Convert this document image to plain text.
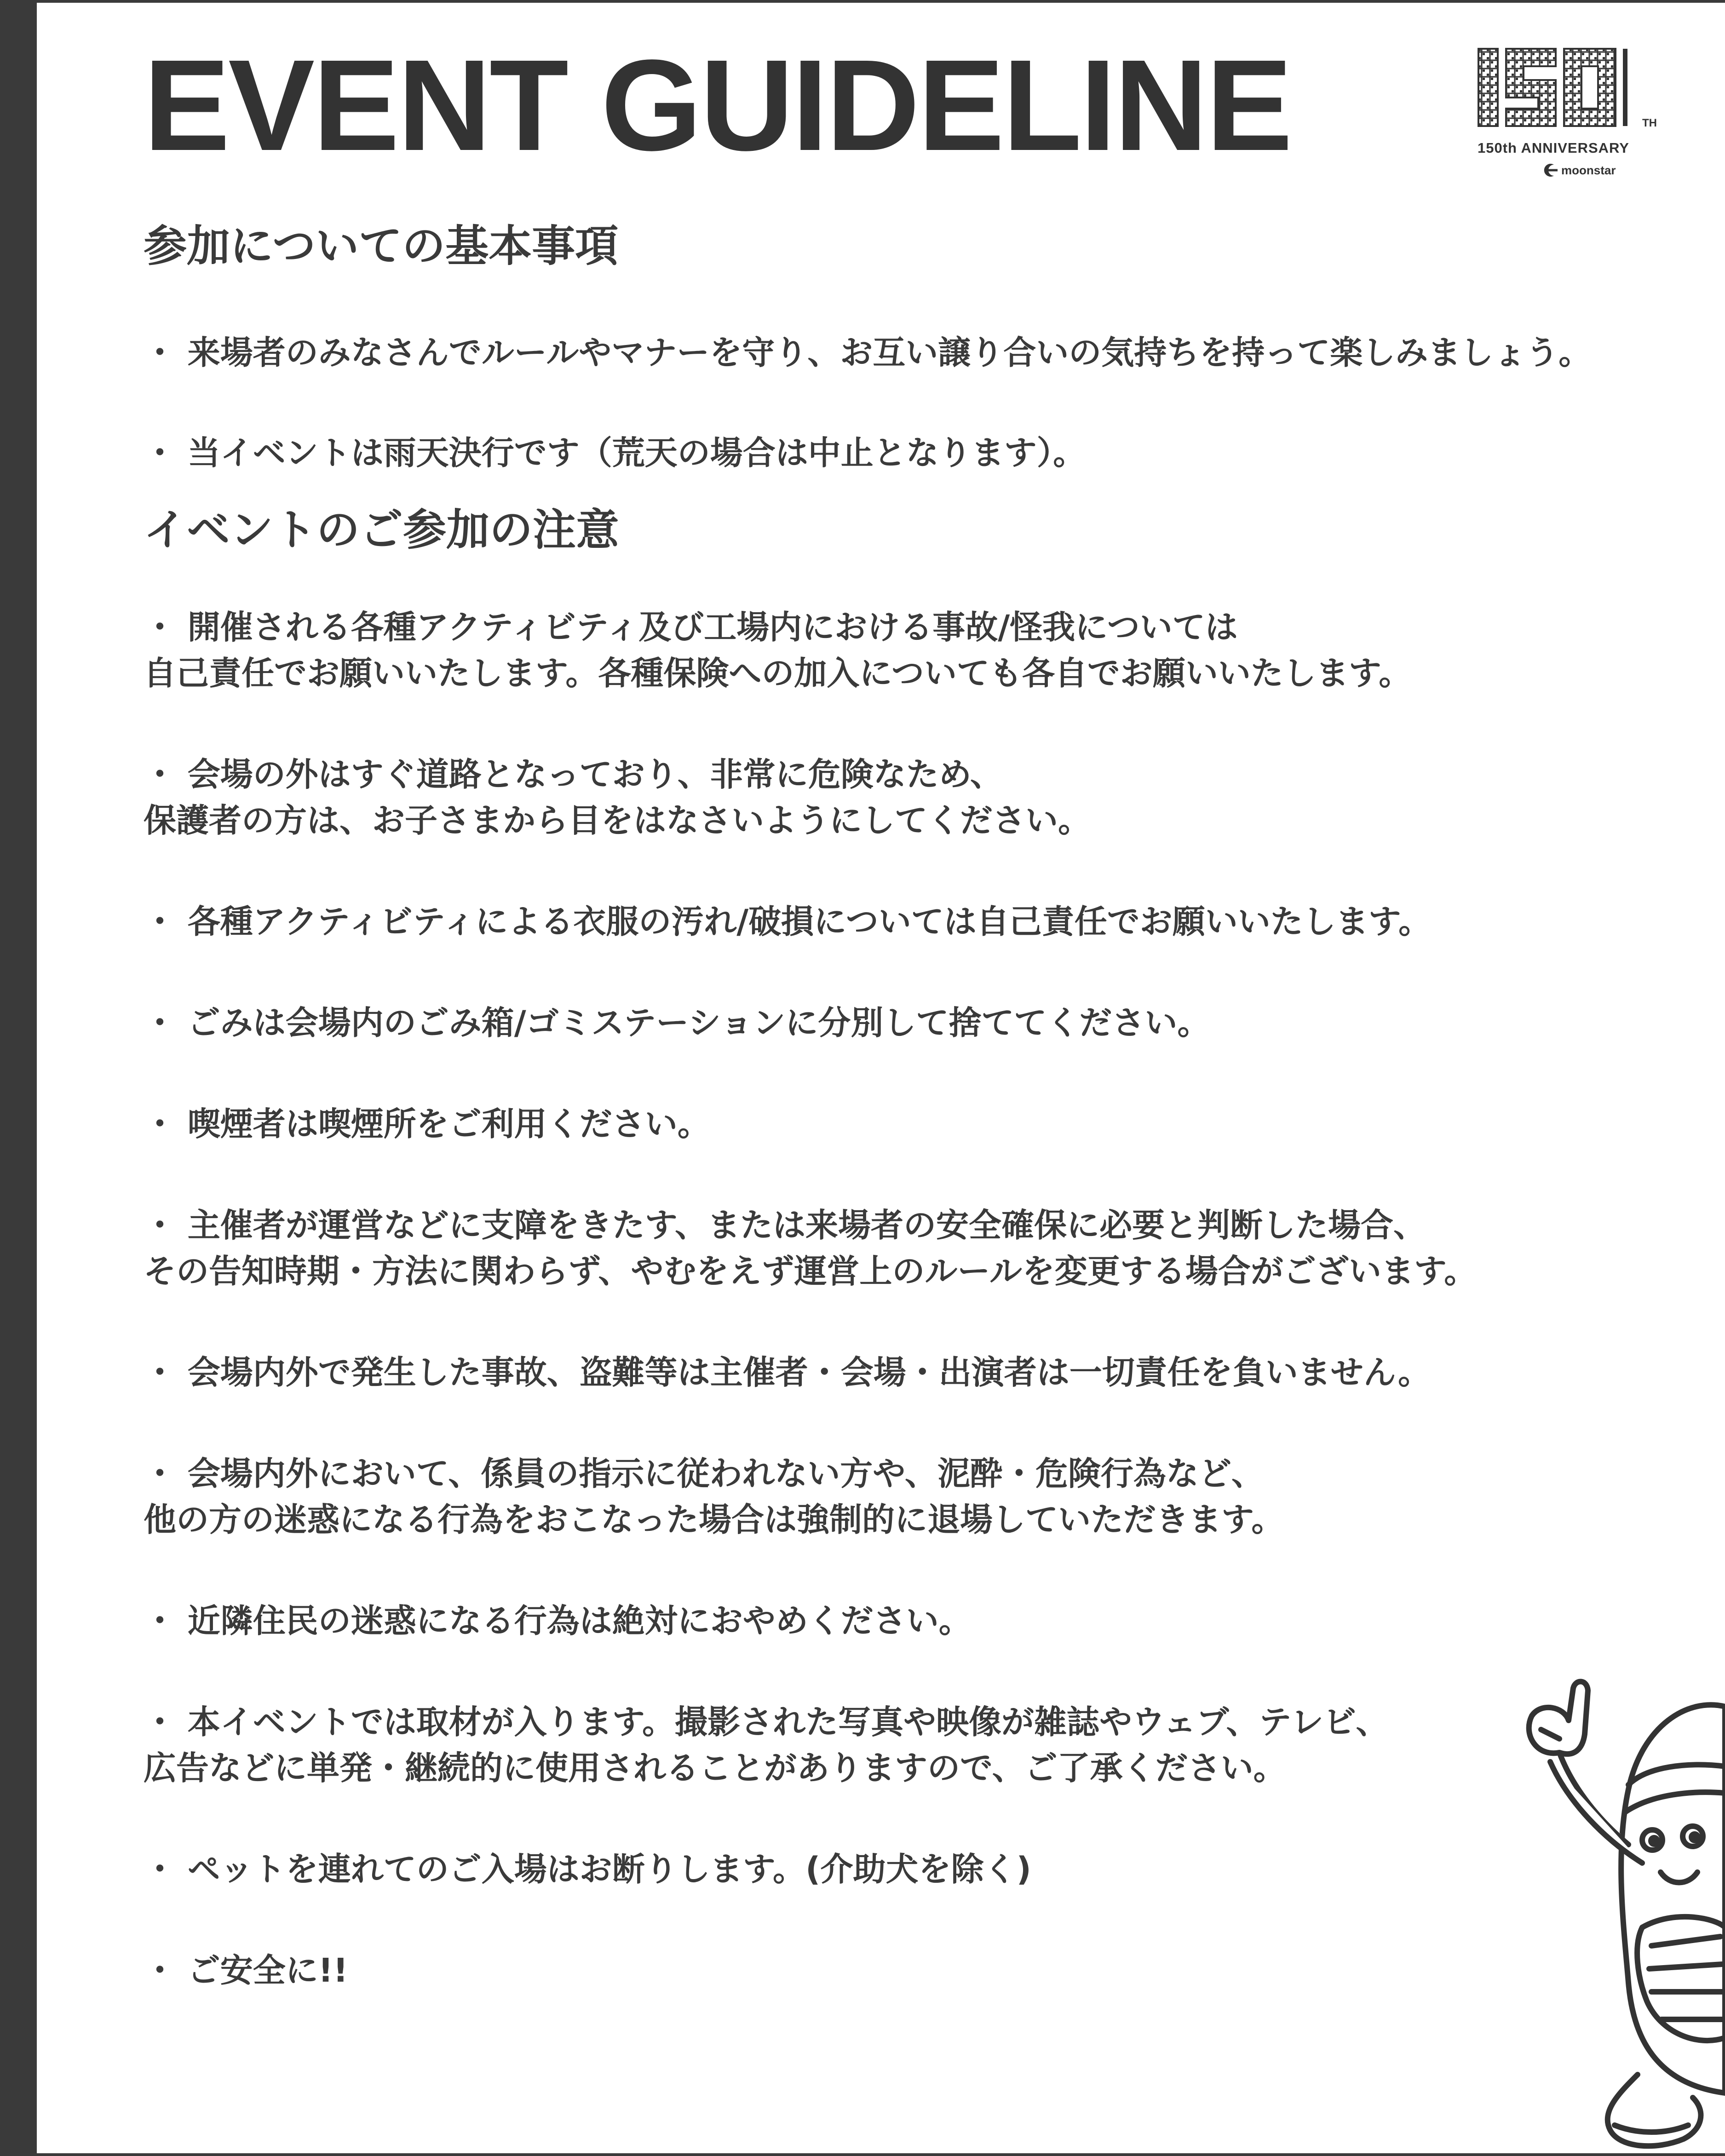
EVENT GUIDELINE	TH
150th ANNIVERSARY
moonstar
参加についての基本事項

・ 来場者のみなさんでルールやマナーを守り、お互い譲り合いの気持ちを持って楽しみましょう。

・ 当イベントは雨天決行です（荒天の場合は中止となります）。

イベントのご参加の注意

・ 開催される各種アクティビティ及び工場内における事故/怪我については
自己責任でお願いいたします。各種保険への加入についても各自でお願いいたします。

・ 会場の外はすぐ道路となっており、非常に危険なため、
保護者の方は、お子さまから目をはなさいようにしてください。

・ 各種アクティビティによる衣服の汚れ/破損については自己責任でお願いいたします。

・ ごみは会場内のごみ箱/ゴミステーションに分別して捨ててください。

・ 喫煙者は喫煙所をご利用ください。

・ 主催者が運営などに支障をきたす、または来場者の安全確保に必要と判断した場合、
その告知時期・方法に関わらず、やむをえず運営上のルールを変更する場合がございます。

・ 会場内外で発生した事故、盗難等は主催者・会場・出演者は一切責任を負いません。

・ 会場内外において、係員の指示に従われない方や、泥酔・危険行為など、
他の方の迷惑になる行為をおこなった場合は強制的に退場していただきます。

・ 近隣住民の迷惑になる行為は絶対におやめください。

・ 本イベントでは取材が入ります。撮影された写真や映像が雑誌やウェブ、テレビ、
広告などに単発・継続的に使用されることがありますので、ご了承ください。

・ ペットを連れてのご入場はお断りします。(介助犬を除く)

・ ご安全に!!
